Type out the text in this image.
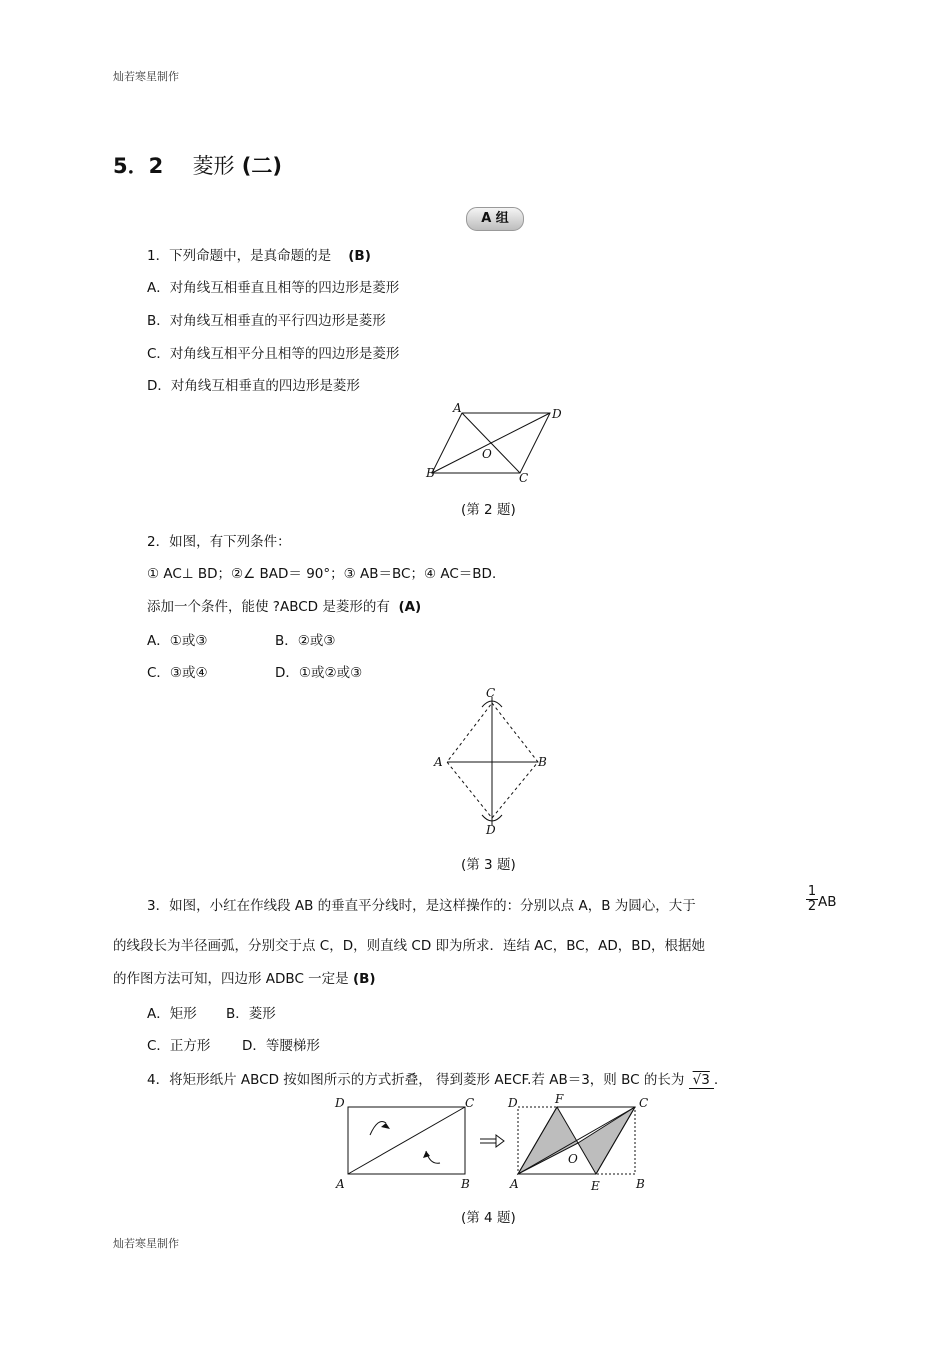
灿若寒星制作
5．2 菱形 (二)
A 组
1．下列命题中，是真命题的是 (B)
A．对角线互相垂直且相等的四边形是菱形
B．对角线互相垂直的平行四边形是菱形
C．对角线互相平分且相等的四边形是菱形
D．对角线互相垂直的四边形是菱形
A	D
B	C
O
(第 2 题)
2．如图，有下列条件：
① AC⊥ BD；②∠ BAD＝ 90°；③ AB＝BC；④ AC＝BD．
添加一个条件，能使 ?ABCD 是菱形的有 (A)
A．①或③	B．②或③
C．③或④	D．①或②或③
C
A	B
D
(第 3 题)
3．如图，小红在作线段 AB 的垂直平分线时，是这样操作的：分别以点 A，B 为圆心，大于	$\frac{1}{2}$ AB
的线段长为半径画弧，分别交于点 C，D，则直线 CD 即为所求．连结 AC，BC，AD，BD，根据她
的作图方法可知，四边形 ADBC 一定是 (B)
A．矩形 B．菱形
C．正方形 D．等腰梯形
4．将矩形纸片 ABCD 按如图所示的方式折叠， 得到菱形 AECF.若 AB＝3，则 BC 的长为 √3 .
D	C
A	B
D	F	C
O
A	E	B
(第 4 题)
灿若寒星制作
